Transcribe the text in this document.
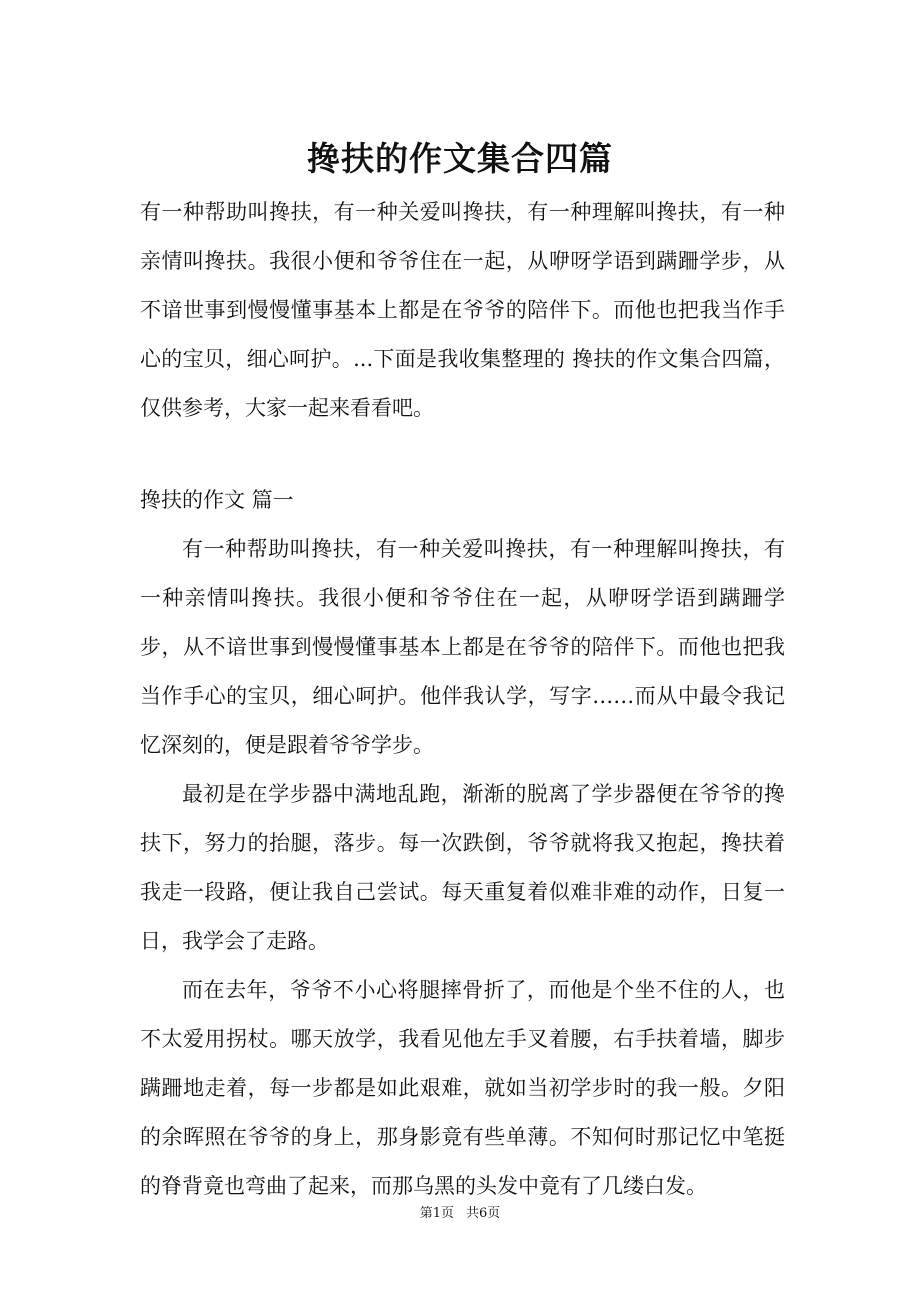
搀扶的作文集合四篇

有一种帮助叫搀扶，有一种关爱叫搀扶，有一种理解叫搀扶，有一种亲情叫搀扶。我很小便和爷爷住在一起，从咿呀学语到蹒跚学步，从不谙世事到慢慢懂事基本上都是在爷爷的陪伴下。而他也把我当作手心的宝贝，细心呵护。...下面是我收集整理的 搀扶的作文集合四篇，仅供参考，大家一起来看看吧。

搀扶的作文 篇一

有一种帮助叫搀扶，有一种关爱叫搀扶，有一种理解叫搀扶，有一种亲情叫搀扶。我很小便和爷爷住在一起，从咿呀学语到蹒跚学步，从不谙世事到慢慢懂事基本上都是在爷爷的陪伴下。而他也把我当作手心的宝贝，细心呵护。他伴我认学，写字……而从中最令我记忆深刻的，便是跟着爷爷学步。

最初是在学步器中满地乱跑，渐渐的脱离了学步器便在爷爷的搀扶下，努力的抬腿，落步。每一次跌倒，爷爷就将我又抱起，搀扶着我走一段路，便让我自己尝试。每天重复着似难非难的动作，日复一日，我学会了走路。

而在去年，爷爷不小心将腿摔骨折了，而他是个坐不住的人，也不太爱用拐杖。哪天放学，我看见他左手叉着腰，右手扶着墙，脚步蹒跚地走着，每一步都是如此艰难，就如当初学步时的我一般。夕阳的余晖照在爷爷的身上，那身影竟有些单薄。不知何时那记忆中笔挺的脊背竟也弯曲了起来，而那乌黑的头发中竟有了几缕白发。

第1页 共6页
